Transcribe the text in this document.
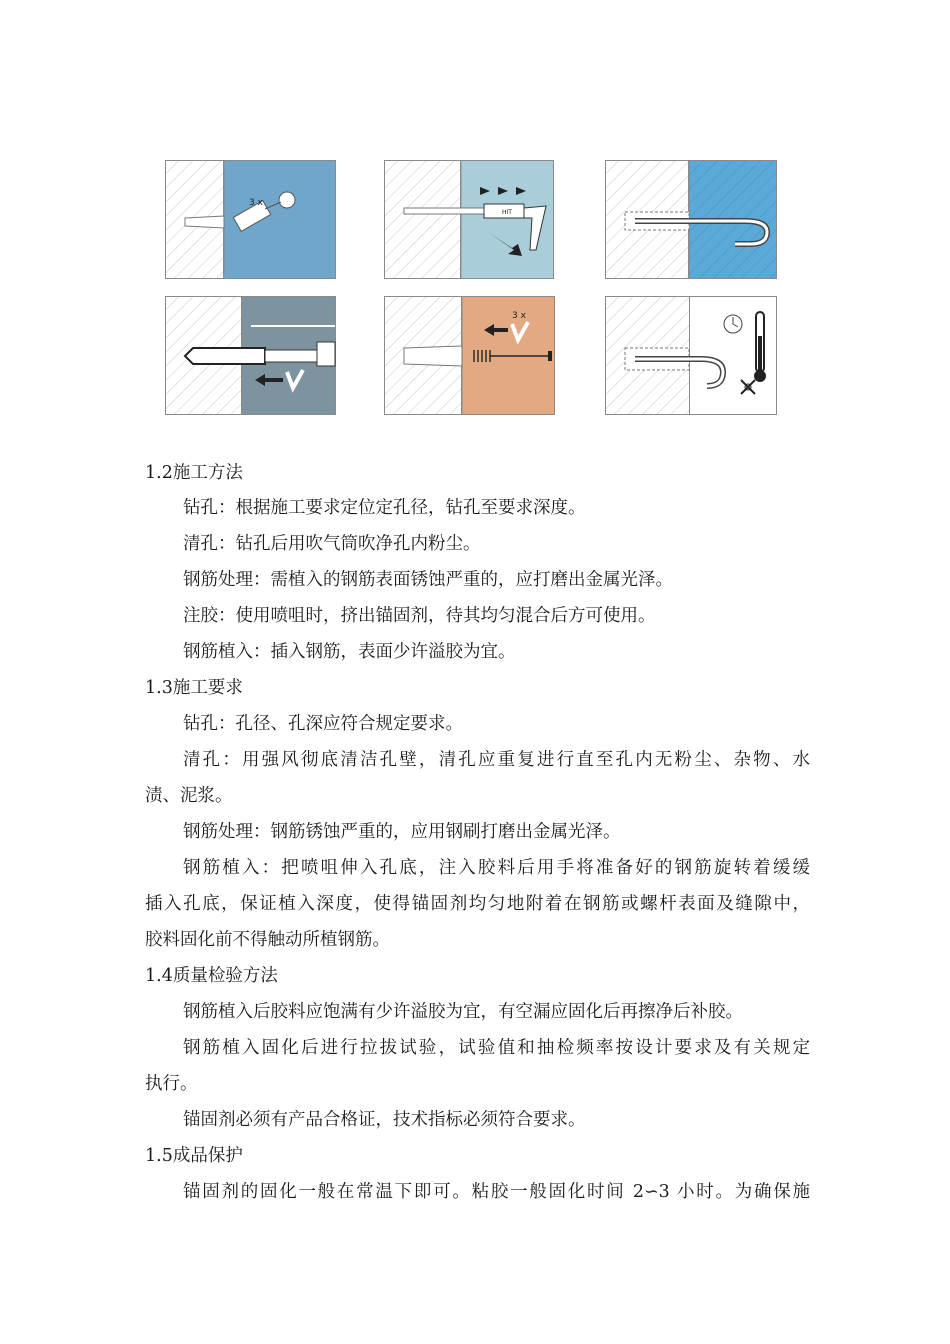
3 x
HIT
3 x
1.2施工方法
钻孔：根据施工要求定位定孔径，钻孔至要求深度。
清孔：钻孔后用吹气筒吹净孔内粉尘。
钢筋处理：需植入的钢筋表面锈蚀严重的，应打磨出金属光泽。
注胶：使用喷咀时，挤出锚固剂，待其均匀混合后方可使用。
钢筋植入：插入钢筋，表面少许溢胶为宜。
1.3施工要求
钻孔：孔径、孔深应符合规定要求。
清孔：用强风彻底清洁孔壁，清孔应重复进行直至孔内无粉尘、杂物、水
渍、泥浆。
钢筋处理：钢筋锈蚀严重的，应用钢刷打磨出金属光泽。
钢筋植入：把喷咀伸入孔底，注入胶料后用手将准备好的钢筋旋转着缓缓
插入孔底，保证植入深度，使得锚固剂均匀地附着在钢筋或螺杆表面及缝隙中，
胶料固化前不得触动所植钢筋。
1.4质量检验方法
钢筋植入后胶料应饱满有少许溢胶为宜，有空漏应固化后再擦净后补胶。
钢筋植入固化后进行拉拔试验，试验值和抽检频率按设计要求及有关规定
执行。
锚固剂必须有产品合格证，技术指标必须符合要求。
1.5成品保护
锚固剂的固化一般在常温下即可。粘胶一般固化时间 2∽3 小时。为确保施
